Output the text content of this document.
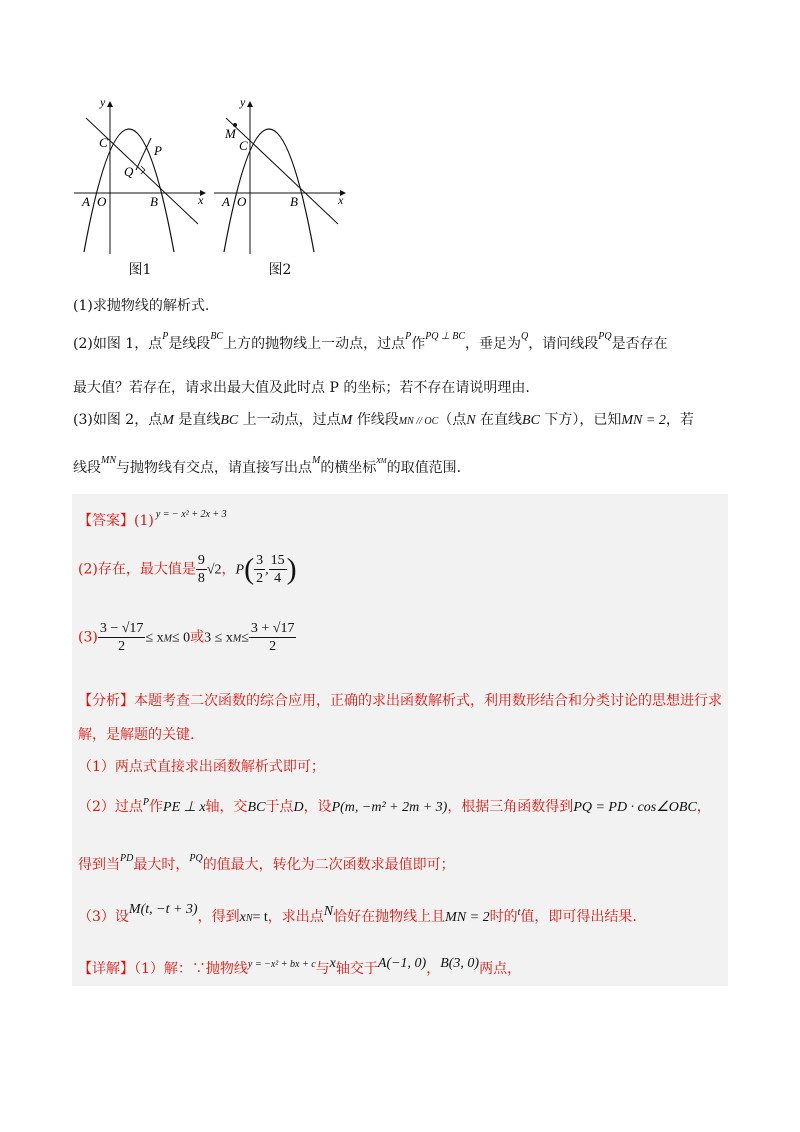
y
x
C
P
Q
A O	B
图1
y
x
M
C
A O	B
图2
(1)求抛物线的解析式.
(2)如图 1，点$^P$是线段$^{BC}$上方的抛物线上一动点，过点$^P$作$^{PQ \perp BC}$，垂足为$^Q$，请问线段$^{PQ}$是否存在
最大值？若存在，请求出最大值及此时点 P 的坐标；若不存在请说明理由.
(3)如图 2，点M 是直线BC 上一动点，过点M 作线段MN // OC（点N 在直线BC 下方），已知MN = 2，若
线段$^{MN}$与抛物线有交点，请直接写出点$^M$的横坐标$^{xM}$的取值范围.
【答案】(1) $^{y = - x^2 + 2x + 3}$
(2)存在，最大值是 $\frac{9}{8} √2$，$P( \frac{3}{2}$ , $\frac{15}{4}$ )
$(3) \frac{3 - √17}{2} \le xM\le 0$或$3 \le xM\le \frac{3 + √17}{2}$
【分析】本题考查二次函数的综合应用，正确的求出函数解析式，利用数形结合和分类讨论的思想进行求
解，是解题的关键.
（1）两点式直接求出函数解析式即可；
（2）过点$^P$作PE ⊥ x轴，交BC于点D，设P(m, −m² + 2m + 3)，根据三角函数得到PQ = PD · cos∠OBC，
得到当$^{PD}$最大时，$^{PQ}$的值最大，转化为二次函数求最值即可；
（3）设M(t, −t + 3)，得到xN= t，求出点N恰好在抛物线上且MN = 2时的$^t$值，即可得出结果.
【详解】（1）解：∵抛物线$^{y = -x^2 + bx + c}$与x轴交于A(−1, 0)，B(3, 0)两点，
